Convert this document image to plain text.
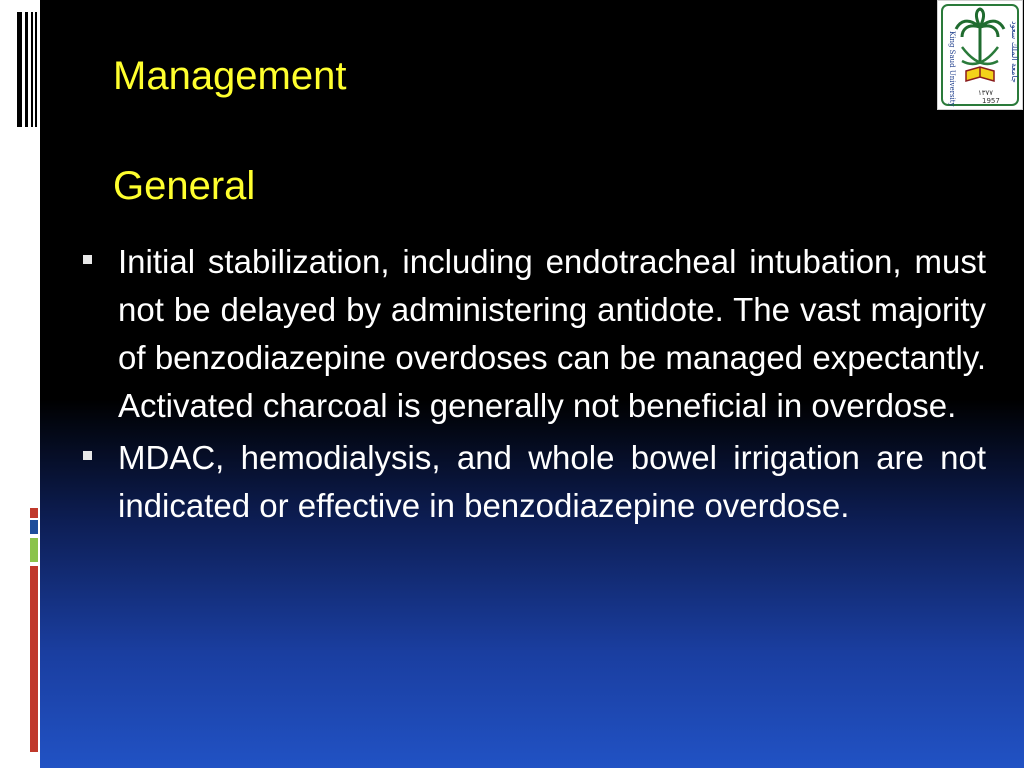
Management
General
Initial stabilization, including endotracheal intubation, must not be delayed by administering antidote. The vast majority of benzodiazepine overdoses can be managed expectantly. Activated charcoal is generally not beneficial in overdose.
MDAC, hemodialysis, and whole bowel irrigation are not indicated or effective in benzodiazepine overdose.
١٣٧٧
1957
King Saud University	جامعة الملك سعود
